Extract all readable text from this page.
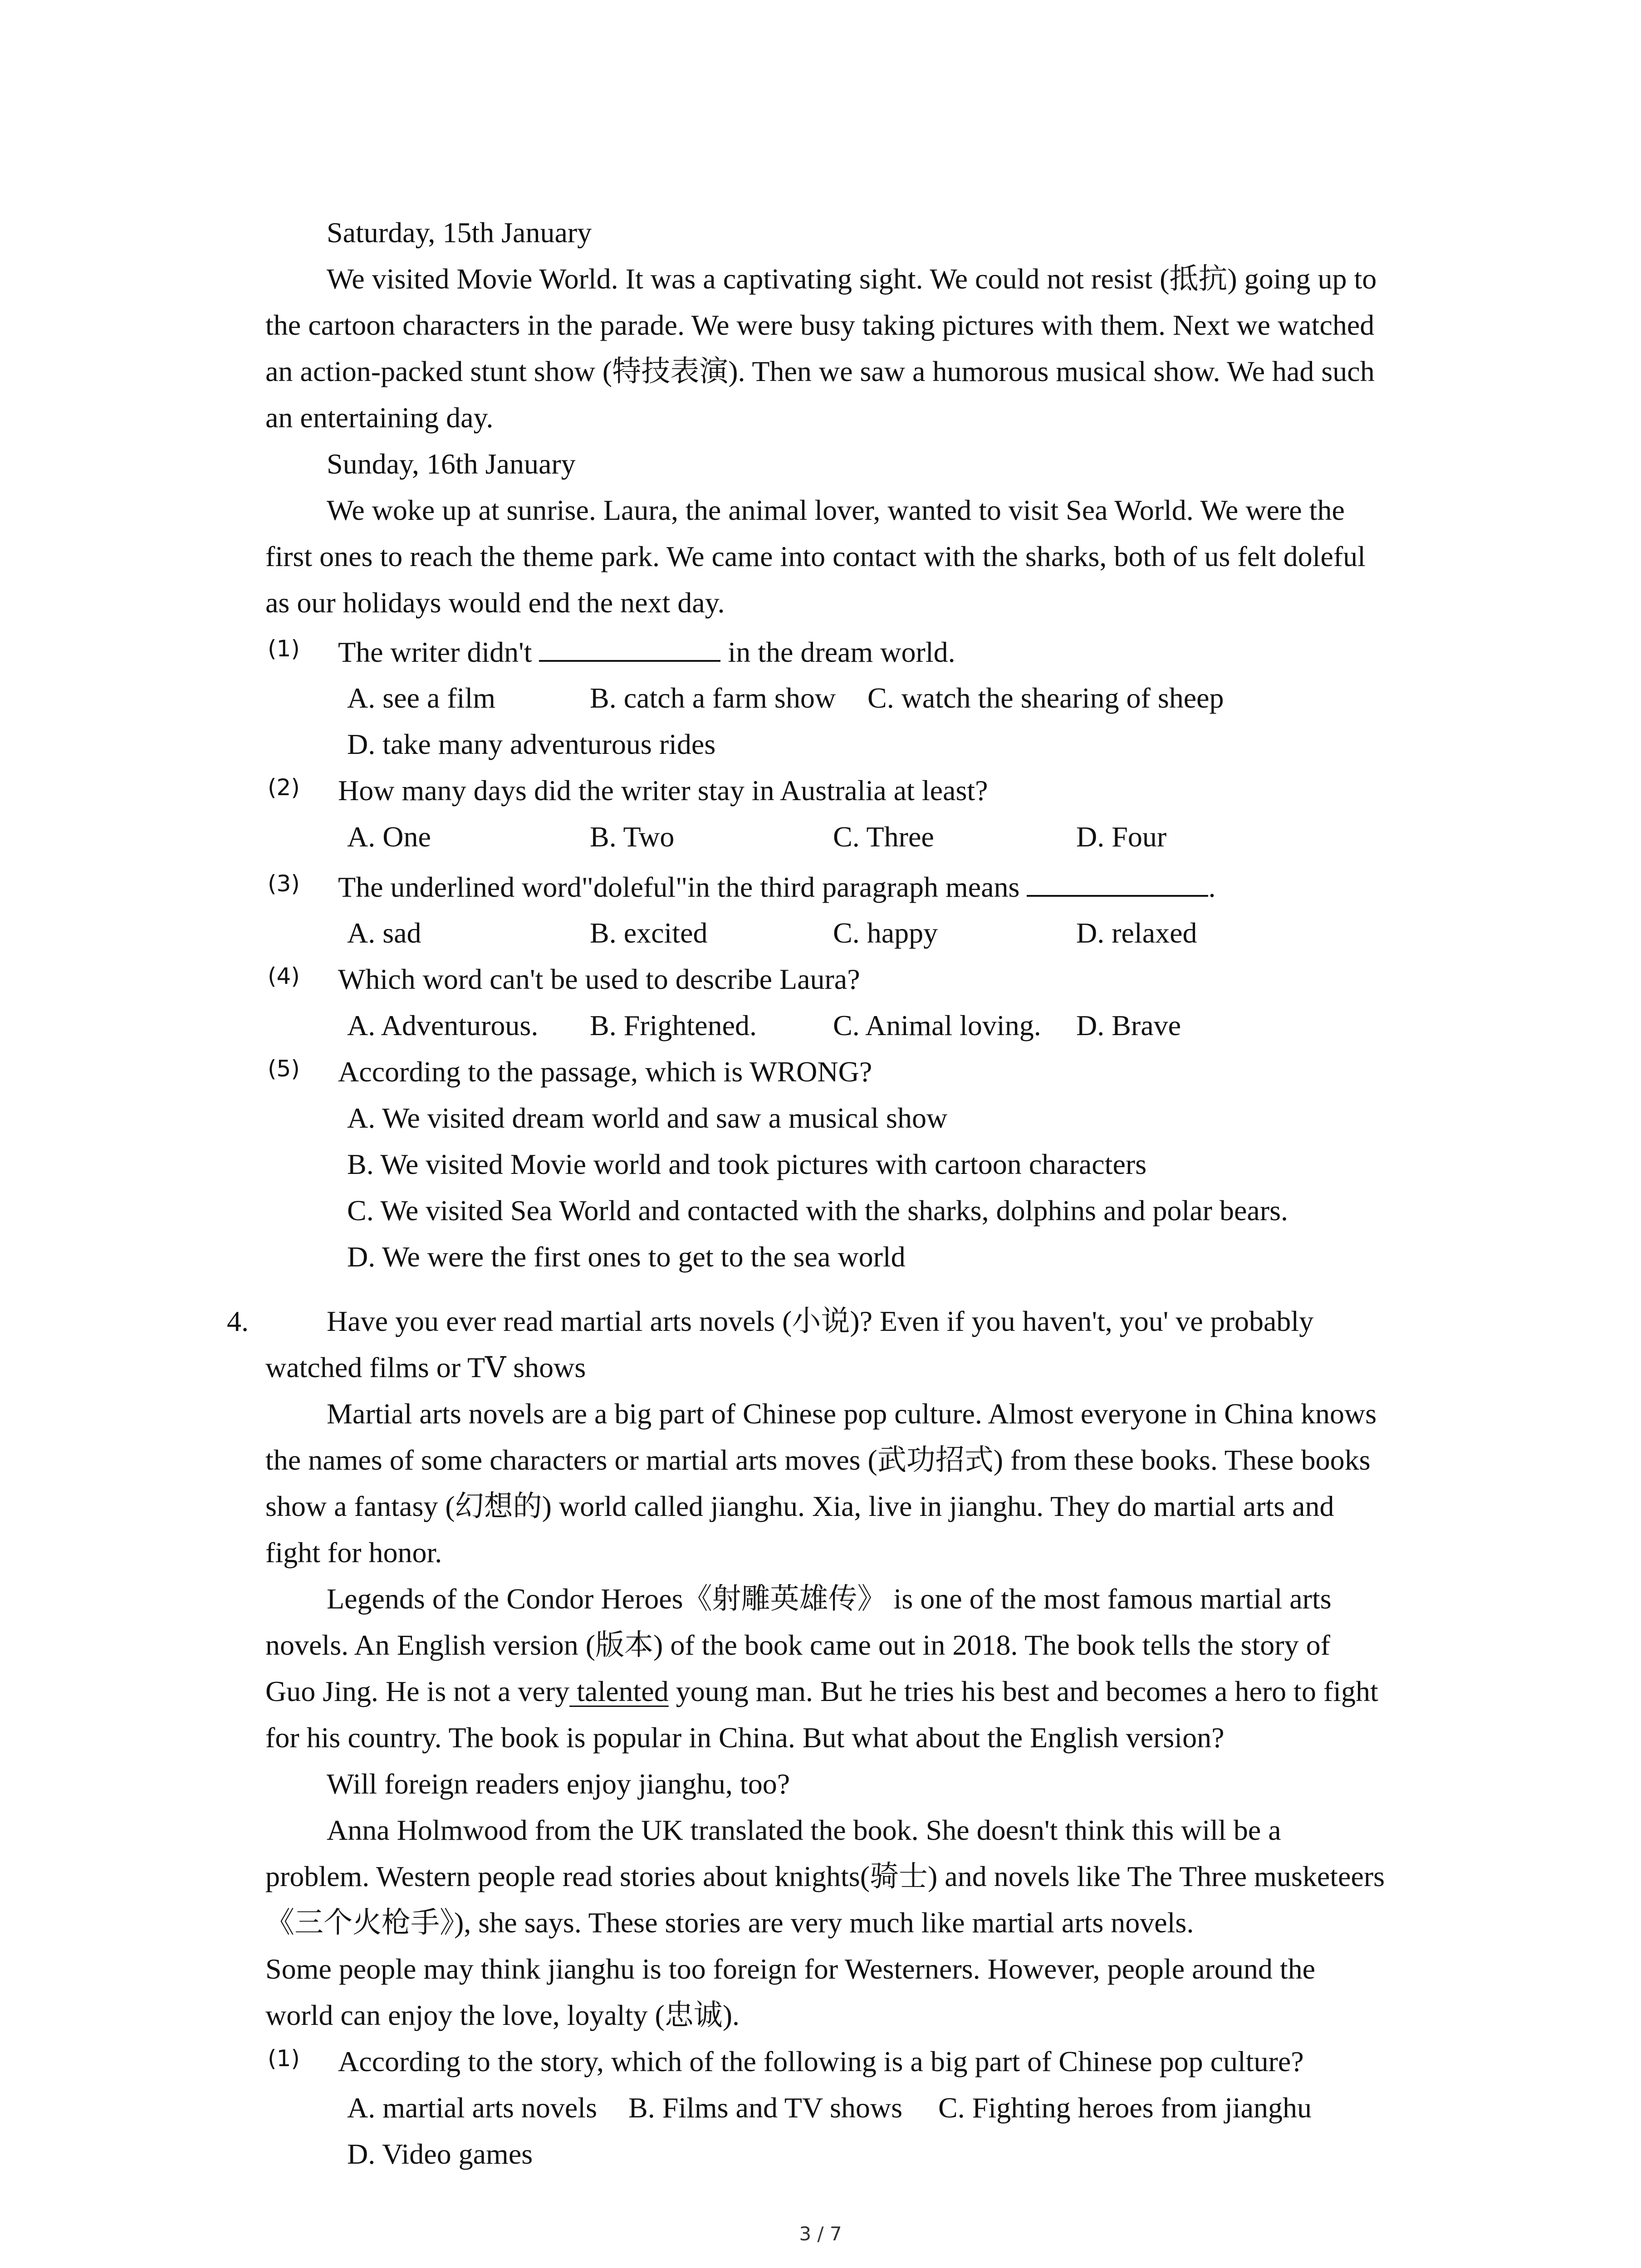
Saturday, 15th January
We visited Movie World. It was a captivating sight. We could not resist (抵抗) going up to
the cartoon characters in the parade. We were busy taking pictures with them. Next we watched
an action-packed stunt show (特技表演). Then we saw a humorous musical show. We had such
an entertaining day.
Sunday, 16th January
We woke up at sunrise. Laura, the animal lover, wanted to visit Sea World. We were the
first ones to reach the theme park. We came into contact with the sharks, both of us felt doleful
as our holidays would end the next day.
(1) The writer didn't	in the dream world.
A. see a film	B. catch a farm show C. watch the shearing of sheep
D. take many adventurous rides
(2) How many days did the writer stay in Australia at least?
A. One	B. Two	C. Three	D. Four
(3) The underlined word"doleful"in the third paragraph means	.
A. sad	B. excited	C. happy	D. relaxed
(4) Which word can't be used to describe Laura?
A. Adventurous. B. Frightened.	C. Animal loving. D. Brave
(5) According to the passage, which is WRONG?
A. We visited dream world and saw a musical show
B. We visited Movie world and took pictures with cartoon characters
C. We visited Sea World and contacted with the sharks, dolphins and polar bears.
D. We were the first ones to get to the sea world
4.	Have you ever read martial arts novels (小说)? Even if you haven't, you' ve probably
watched films or TⅤ shows
Martial arts novels are a big part of Chinese pop culture. Almost everyone in China knows
the names of some characters or martial arts moves (武功招式) from these books. These books
show a fantasy (幻想的) world called jianghu. Xia, live in jianghu. They do martial arts and
fight for honor.
Legends of the Condor Heroes《射雕英雄传》 is one of the most famous martial arts
novels. An English version (版本) of the book came out in 2018. The book tells the story of
Guo Jing. He is not a very talented young man. But he tries his best and becomes a hero to fight
for his country. The book is popular in China. But what about the English version?
Will foreign readers enjoy jianghu, too?
Anna Holmwood from the UK translated the book. She doesn't think this will be a
problem. Western people read stories about knights(骑士) and novels like The Three musketeers
《三个火枪手》), she says. These stories are very much like martial arts novels.
Some people may think jianghu is too foreign for Westerners. However, people around the
world can enjoy the love, loyalty (忠诚).
(1) According to the story, which of the following is a big part of Chinese pop culture?
A. martial arts novels B. Films and TV shows C. Fighting heroes from jianghu
D. Video games
3 / 7
